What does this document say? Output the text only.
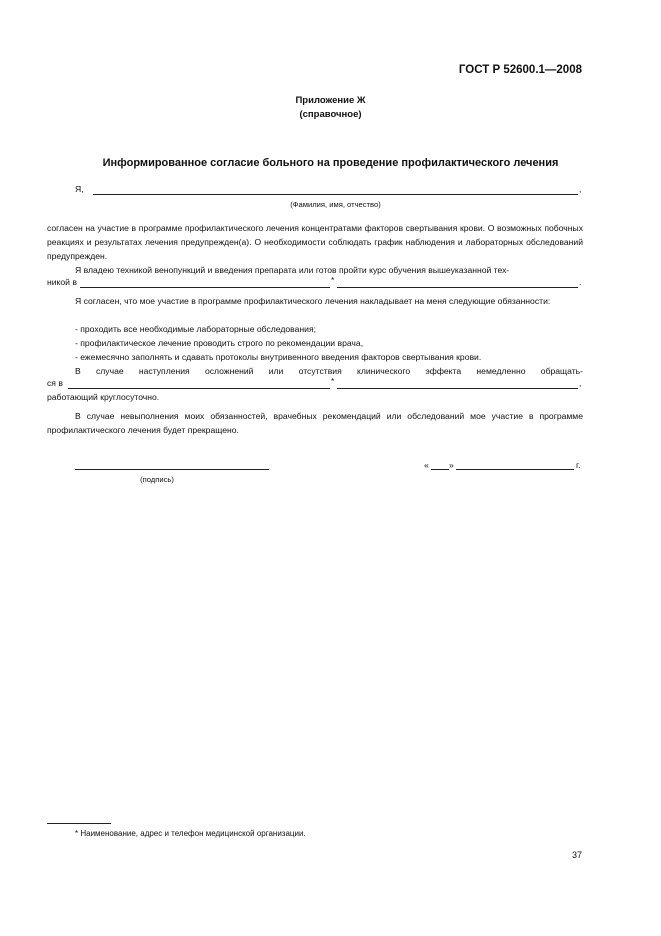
ГОСТ Р 52600.1—2008
Приложение Ж
(справочное)
Информированное согласие больного на проведение профилактического лечения
Я,	,
(Фамилия, имя, отчество)
согласен на участие в программе профилактического лечения концентратами факторов свертывания крови. О возможных побочных реакциях и результатах лечения предупрежден(а). О необходимости соблюдать график наблюдения и лабораторных обследований предупрежден.
Я владею техникой венопункций и введения препарата или готов пройти курс обучения вышеуказанной тех-
никой в	*	.
Я согласен, что мое участие в программе профилактического лечения накладывает на меня следующие обязанности:
- проходить все необходимые лабораторные обследования;
- профилактическое лечение проводить строго по рекомендации врача,
- ежемесячно заполнять и сдавать протоколы внутривенного введения факторов свертывания крови.
В случае наступления осложнений или отсутствия клинического эффекта немедленно обращать-
ся в	*	,
работающий круглосуточно.
В случае невыполнения моих обязанностей, врачебных рекомендаций или обследований мое участие в программе профилактического лечения будет прекращено.
(подпись)
« »	г.
* Наименование, адрес и телефон медицинской организации.
37
